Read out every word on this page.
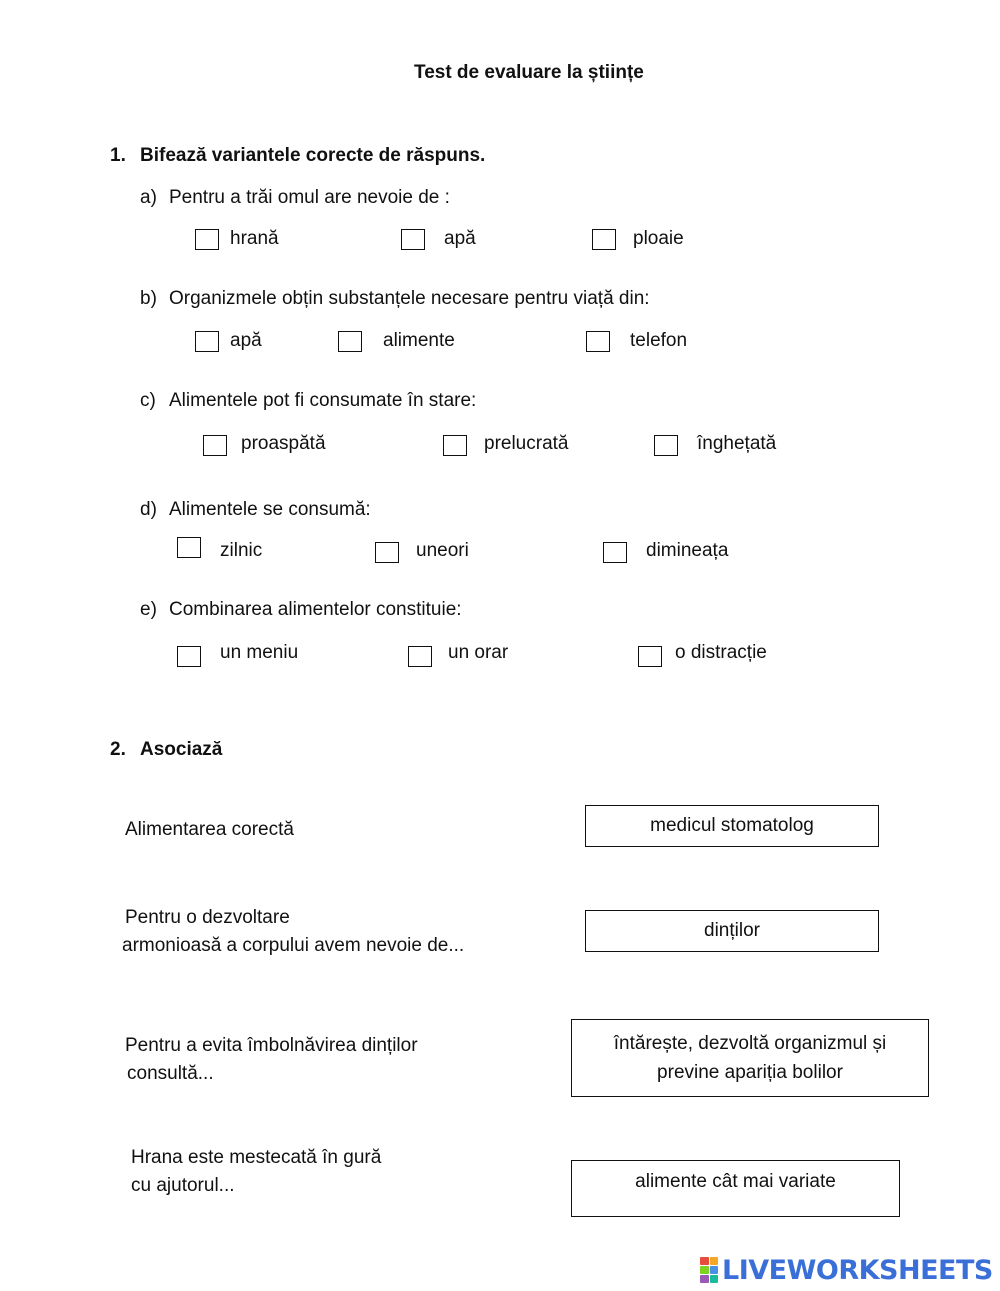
Test de evaluare la științe
1. Bifează variantele corecte de răspuns.
a) Pentru a trăi omul are nevoie de :
hrană	apă	ploaie
b) Organizmele obțin substanțele necesare pentru viață din:
apă	alimente	telefon
c) Alimentele pot fi consumate în stare:
proaspătă	prelucrată	înghețată
d) Alimentele se consumă:
zilnic	uneori	dimineața
e) Combinarea alimentelor constituie:
un meniu	un orar	o distracție
2. Asociază
Alimentarea corectă
Pentru o dezvoltare
armonioasă a corpului avem nevoie de...
Pentru a evita îmbolnăvirea dinților
consultă...
Hrana este mestecată în gură
cu ajutorul...
medicul stomatolog
dinților
întărește, dezvoltă organizmul și
previne apariția bolilor
alimente cât mai variate
LIVEWORKSHEETS
